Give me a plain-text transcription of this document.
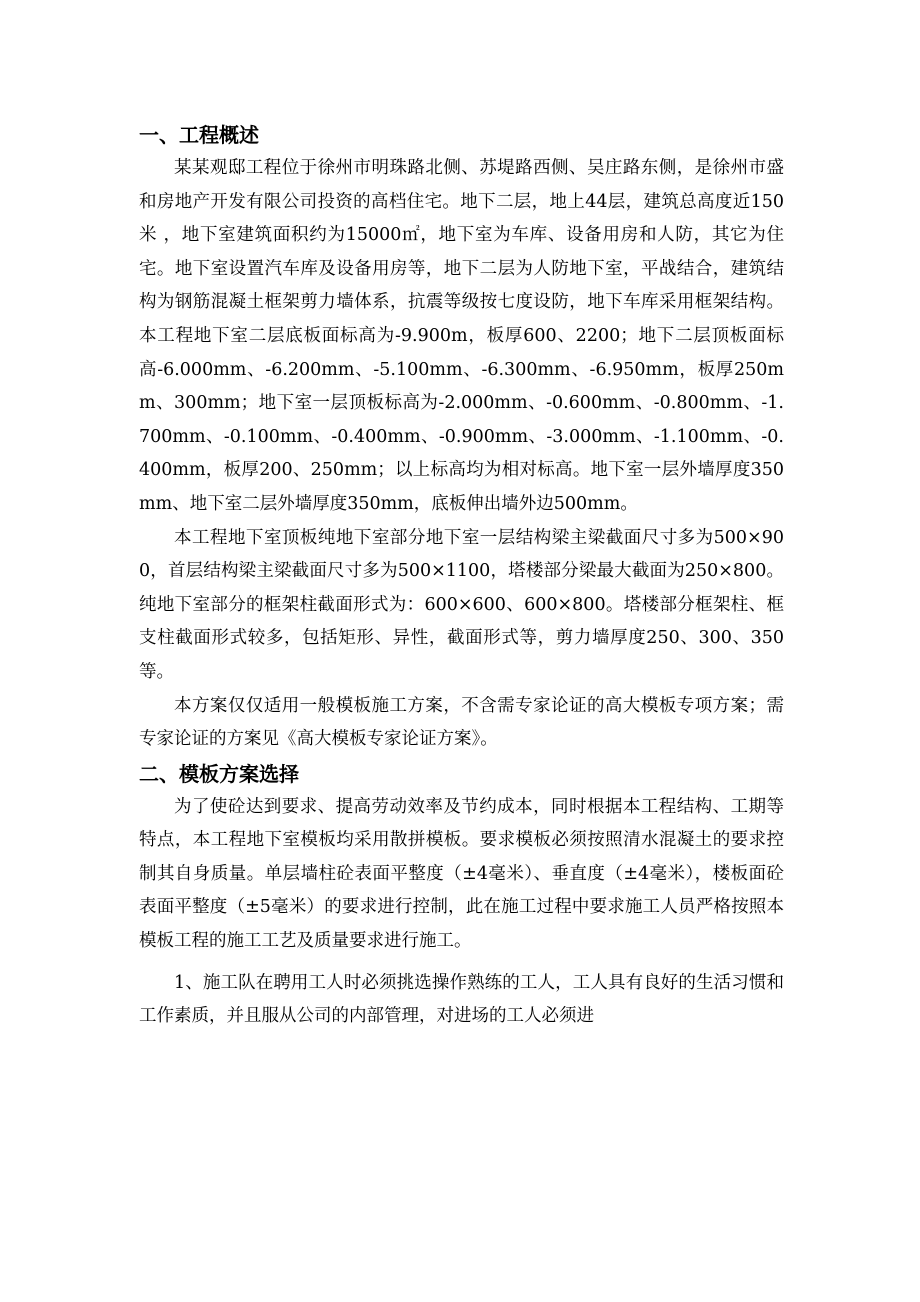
一、工程概述

某某观邸工程位于徐州市明珠路北侧、苏堤路西侧、吴庄路东侧，是徐州市盛和房地产开发有限公司投资的高档住宅。地下二层，地上44层，建筑总高度近150米 ，地下室建筑面积约为15000㎡，地下室为车库、设备用房和人防，其它为住宅。地下室设置汽车库及设备用房等，地下二层为人防地下室，平战结合，建筑结构为钢筋混凝土框架剪力墙体系，抗震等级按七度设防，地下车库采用框架结构。本工程地下室二层底板面标高为-9.900m，板厚600、2200；地下二层顶板面标高-6.000mm、-6.200mm、-5.100mm、-6.300mm、-6.950mm，板厚250mm、300mm；地下室一层顶板标高为-2.000mm、-0.600mm、-0.800mm、-1.700mm、-0.100mm、-0.400mm、-0.900mm、-3.000mm、-1.100mm、-0.400mm，板厚200、250mm；以上标高均为相对标高。地下室一层外墙厚度350mm、地下室二层外墙厚度350mm，底板伸出墙外边500mm。

本工程地下室顶板纯地下室部分地下室一层结构梁主梁截面尺寸多为500×900，首层结构梁主梁截面尺寸多为500×1100，塔楼部分梁最大截面为250×800。纯地下室部分的框架柱截面形式为：600×600、600×800。塔楼部分框架柱、框支柱截面形式较多，包括矩形、异性，截面形式等，剪力墙厚度250、300、350等。

本方案仅仅适用一般模板施工方案，不含需专家论证的高大模板专项方案；需专家论证的方案见《高大模板专家论证方案》。

二、模板方案选择

为了使砼达到要求、提高劳动效率及节约成本，同时根据本工程结构、工期等特点，本工程地下室模板均采用散拼模板。要求模板必须按照清水混凝土的要求控制其自身质量。单层墙柱砼表面平整度（±4毫米）、垂直度（±4毫米），楼板面砼表面平整度（±5毫米）的要求进行控制，此在施工过程中要求施工人员严格按照本模板工程的施工工艺及质量要求进行施工。

1、施工队在聘用工人时必须挑选操作熟练的工人，工人具有良好的生活习惯和工作素质，并且服从公司的内部管理，对进场的工人必须进
